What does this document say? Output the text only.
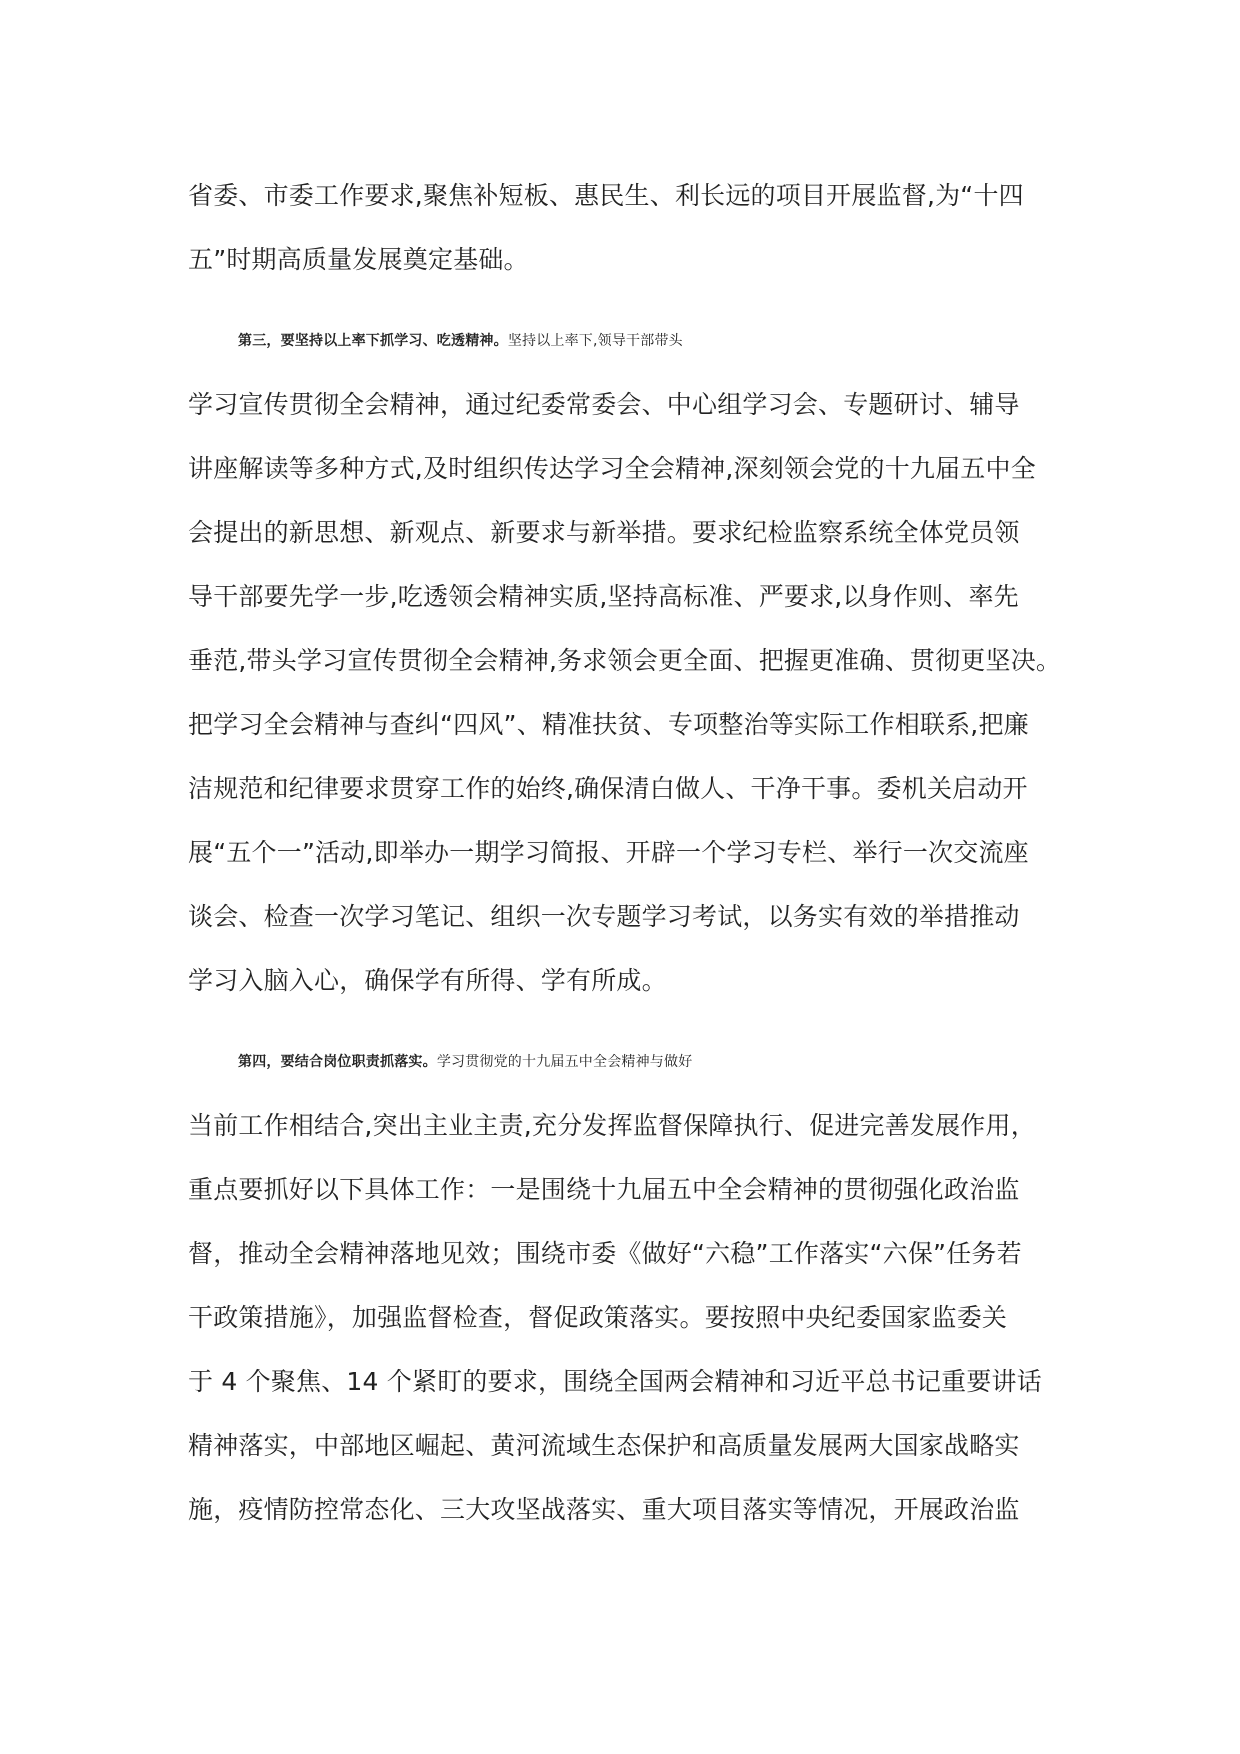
省委、市委工作要求,聚焦补短板、惠民生、利长远的项目开展监督,为“十四
五”时期高质量发展奠定基础。
第三，要坚持以上率下抓学习、吃透精神。坚持以上率下,领导干部带头
学习宣传贯彻全会精神，通过纪委常委会、中心组学习会、专题研讨、辅导
讲座解读等多种方式,及时组织传达学习全会精神,深刻领会党的十九届五中全
会提出的新思想、新观点、新要求与新举措。要求纪检监察系统全体党员领
导干部要先学一步,吃透领会精神实质,坚持高标准、严要求,以身作则、率先
垂范,带头学习宣传贯彻全会精神,务求领会更全面、把握更准确、贯彻更坚决。
把学习全会精神与查纠“四风”、精准扶贫、专项整治等实际工作相联系,把廉
洁规范和纪律要求贯穿工作的始终,确保清白做人、干净干事。委机关启动开
展“五个一”活动,即举办一期学习简报、开辟一个学习专栏、举行一次交流座
谈会、检查一次学习笔记、组织一次专题学习考试，以务实有效的举措推动
学习入脑入心，确保学有所得、学有所成。
第四，要结合岗位职责抓落实。学习贯彻党的十九届五中全会精神与做好
当前工作相结合,突出主业主责,充分发挥监督保障执行、促进完善发展作用，
重点要抓好以下具体工作：一是围绕十九届五中全会精神的贯彻强化政治监
督，推动全会精神落地见效；围绕市委《做好“六稳”工作落实“六保”任务若
干政策措施》，加强监督检查，督促政策落实。要按照中央纪委国家监委关
于 4 个聚焦、14 个紧盯的要求，围绕全国两会精神和习近平总书记重要讲话
精神落实，中部地区崛起、黄河流域生态保护和高质量发展两大国家战略实
施，疫情防控常态化、三大攻坚战落实、重大项目落实等情况，开展政治监
